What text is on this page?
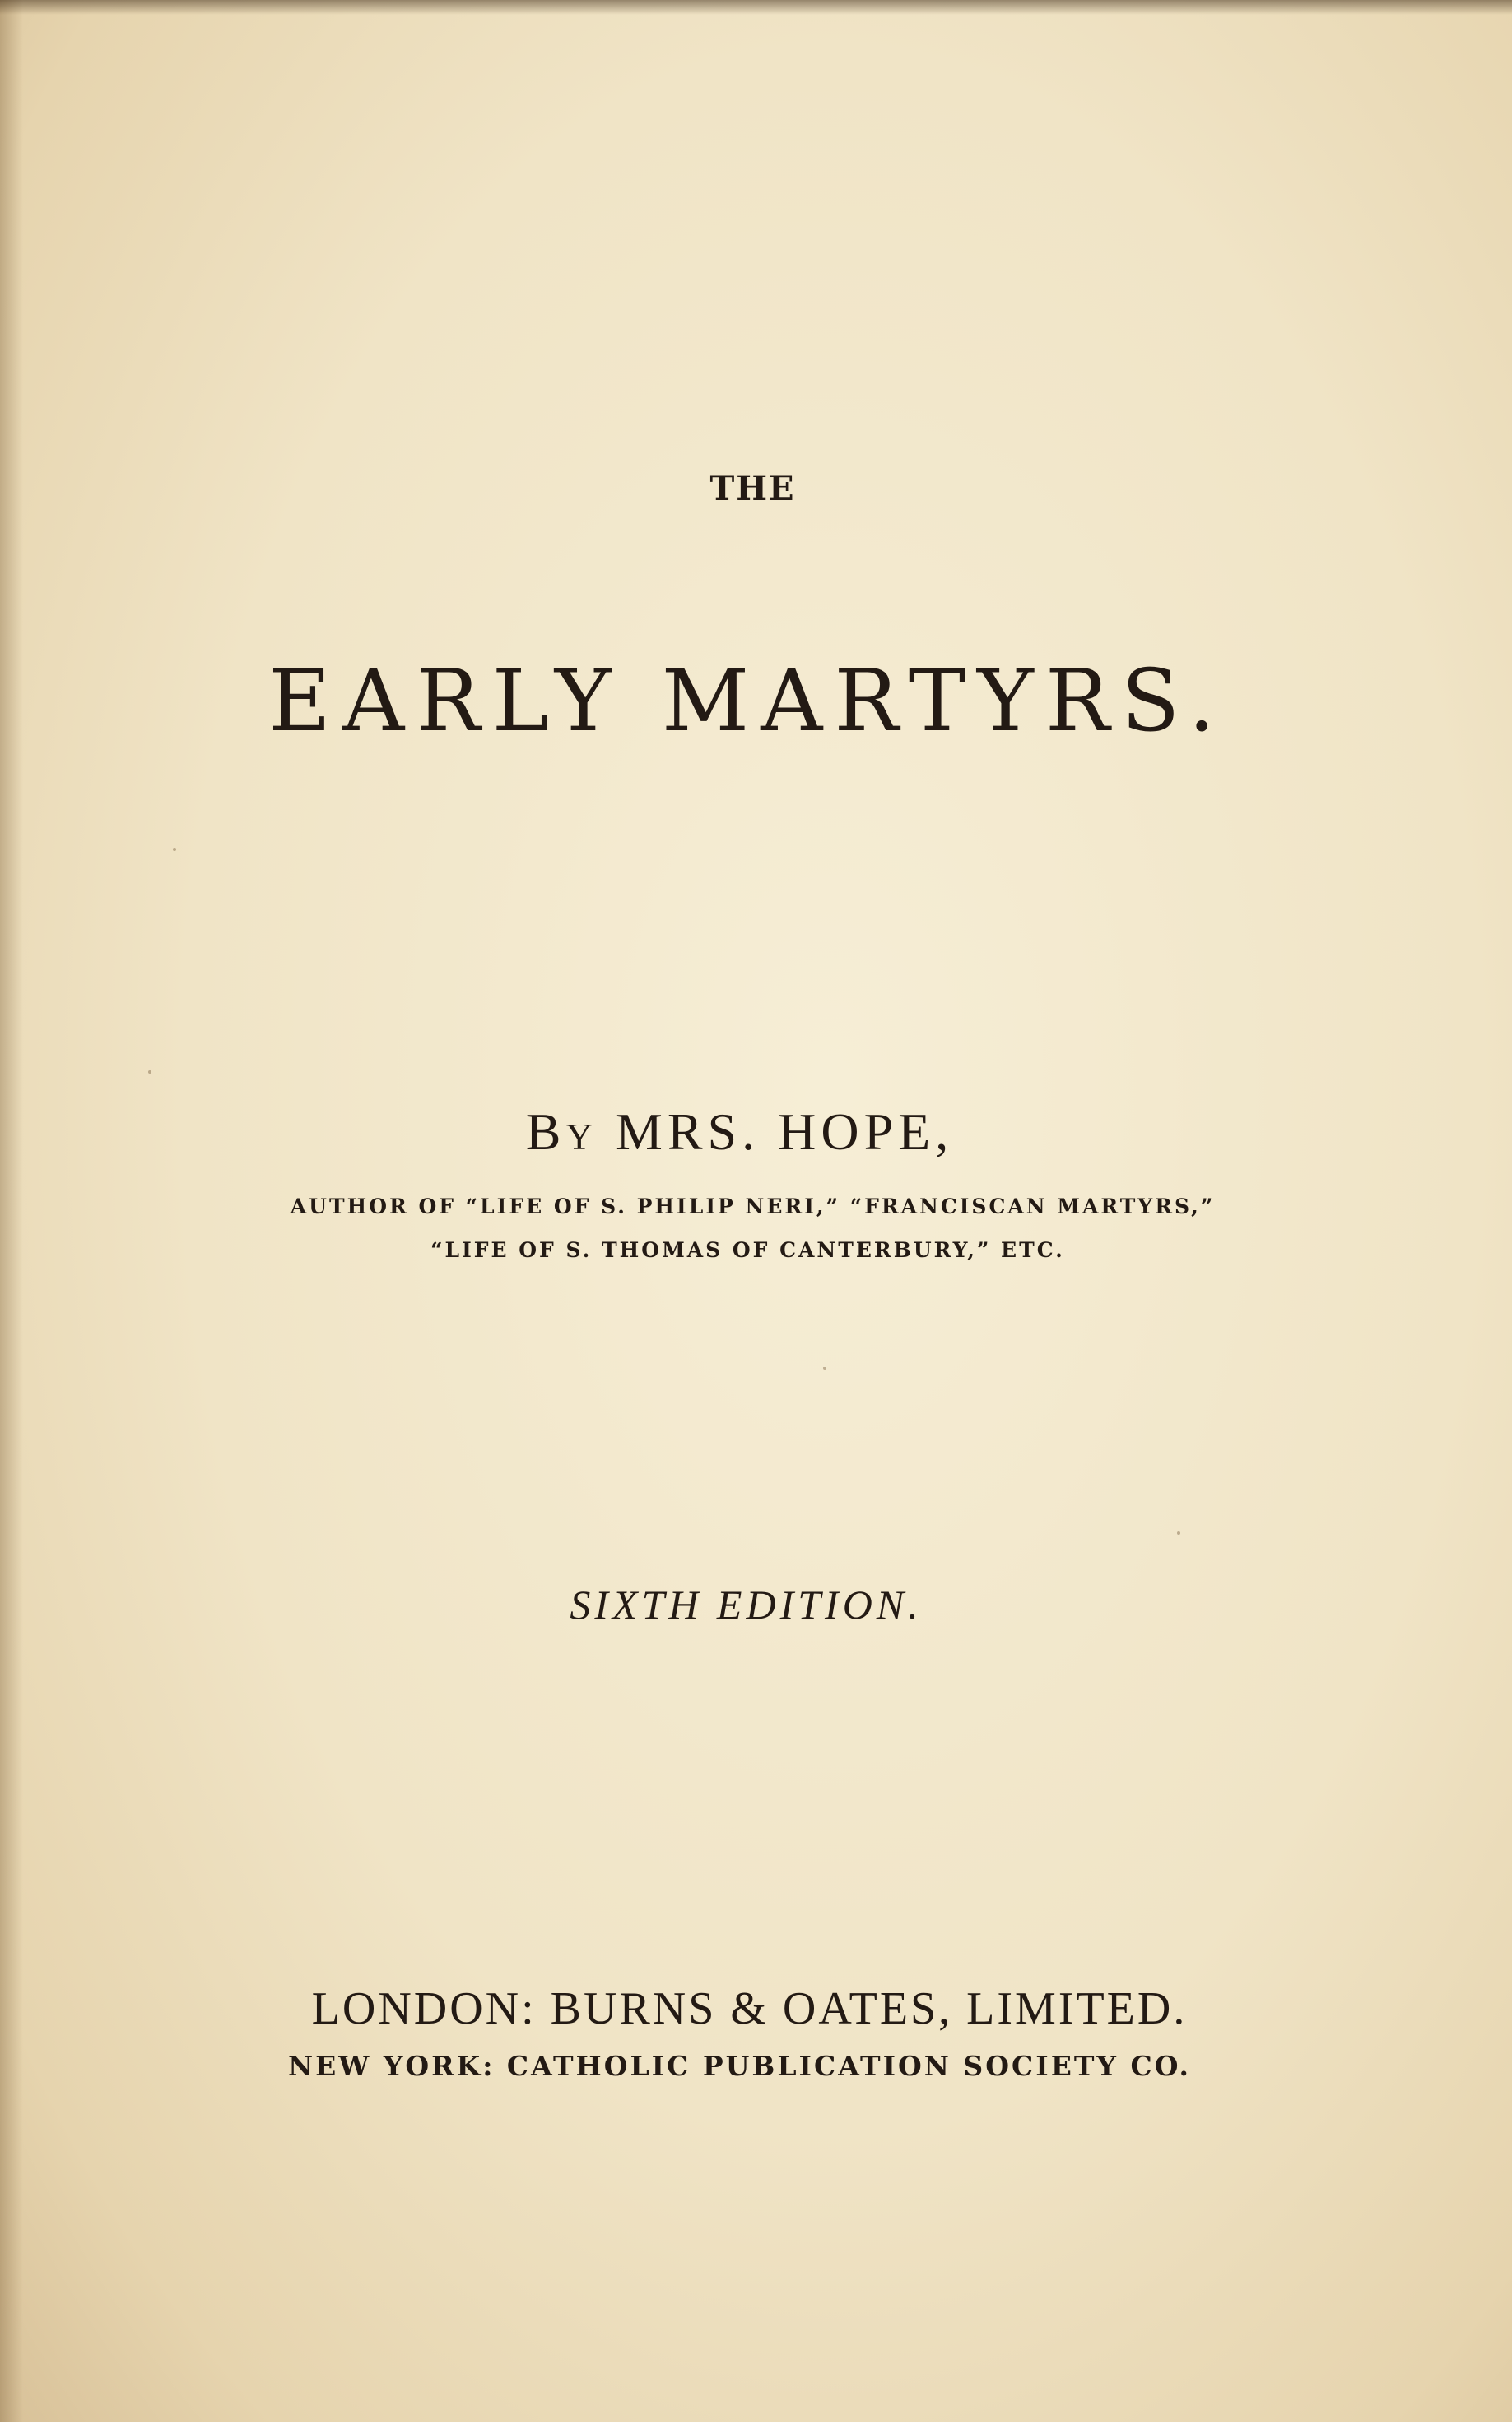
THE
EARLY MARTYRS.
By MRS. HOPE,
AUTHOR OF “LIFE OF S. PHILIP NERI,” “FRANCISCAN MARTYRS,”
“LIFE OF S. THOMAS OF CANTERBURY,” ETC.
SIXTH EDITION.
LONDON: BURNS & OATES, LIMITED.
NEW YORK: CATHOLIC PUBLICATION SOCIETY CO.
